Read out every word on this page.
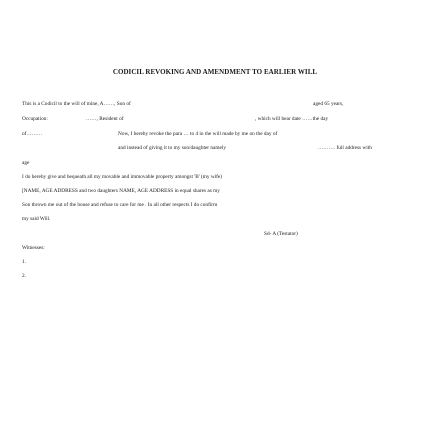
CODICIL REVOKING AND AMENDMENT TO EARLIER WILL
This is a Codicil to the will of mine, A……, Son of	aged 65 years,
Occupation:	……, Resident of	, which will bear date ……the day
of………	Now, I hereby revoke the para … to 4 in the will made by me on the day of
and instead of giving it to my son/daughter namely	………. full address with
age
I do hereby give and bequeath all my movable and immovable property amongst 'B' (my wife)
[NAME, AGE ADDRESS and two daughters NAME, AGE ADDRESS in equal shares as my
Son thrown me out of the house and refuse to care for me . In all other respects I do confirm
my said Will.
Sd- A (Testator)
Witnesses:
1.
2.
